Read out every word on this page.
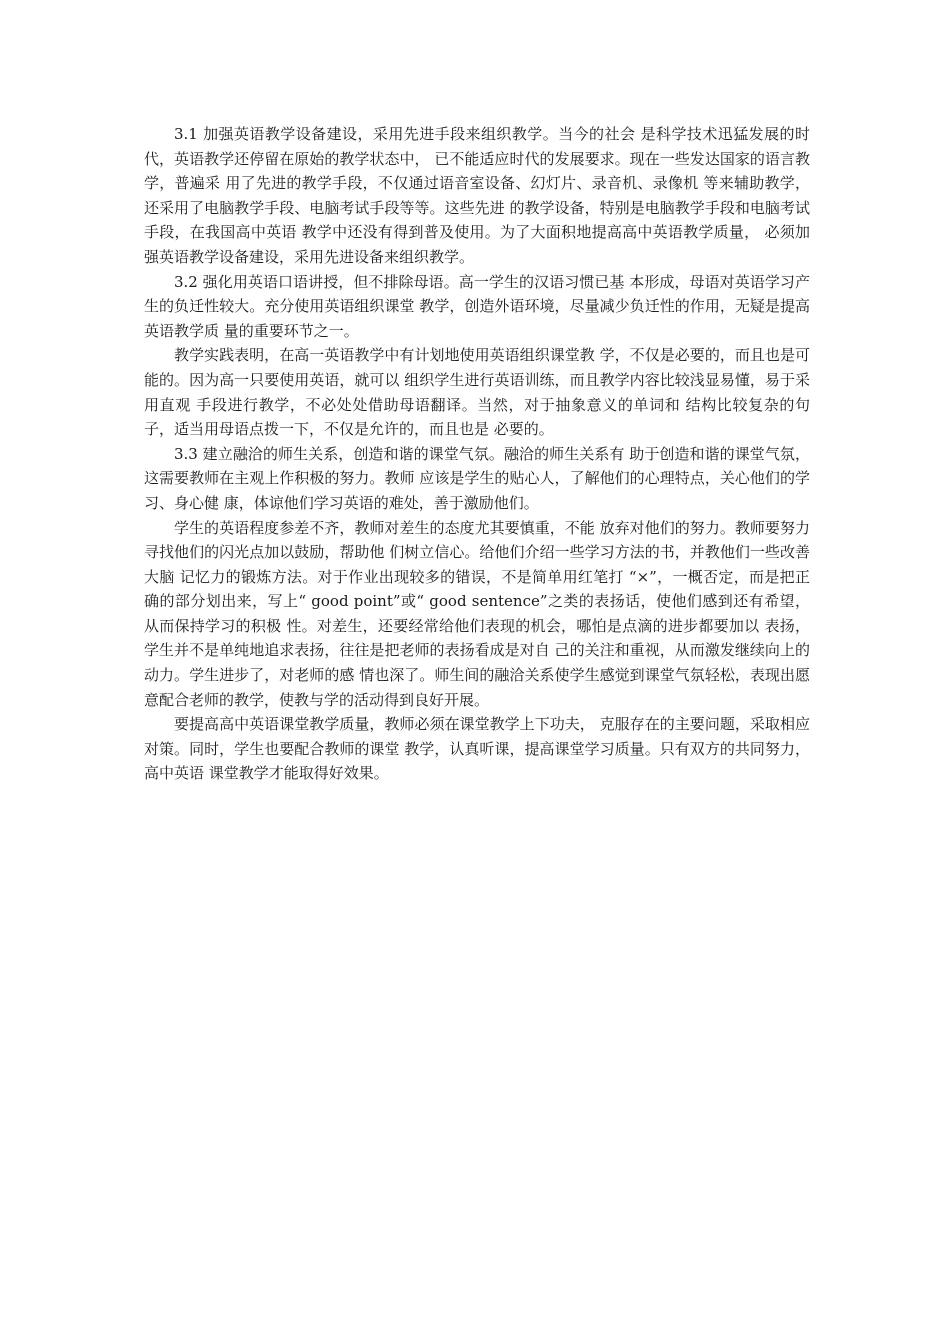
3.1 加强英语教学设备建设，采用先进手段来组织教学。当今的社会 是科学技术迅猛发展的时代，英语教学还停留在原始的教学状态中， 已不能适应时代的发展要求。现在一些发达国家的语言教学，普遍采 用了先进的教学手段，不仅通过语音室设备、幻灯片、录音机、录像机 等来辅助教学，还采用了电脑教学手段、电脑考试手段等等。这些先进 的教学设备，特别是电脑教学手段和电脑考试手段，在我国高中英语 教学中还没有得到普及使用。为了大面积地提高高中英语教学质量， 必须加强英语教学设备建设，采用先进设备来组织教学。

3.2 强化用英语口语讲授，但不排除母语。高一学生的汉语习惯已基 本形成，母语对英语学习产生的负迁性较大。充分使用英语组织课堂 教学，创造外语环境，尽量减少负迁性的作用，无疑是提高英语教学质 量的重要环节之一。

教学实践表明，在高一英语教学中有计划地使用英语组织课堂教 学，不仅是必要的，而且也是可能的。因为高一只要使用英语，就可以 组织学生进行英语训练，而且教学内容比较浅显易懂，易于采用直观 手段进行教学，不必处处借助母语翻译。当然，对于抽象意义的单词和 结构比较复杂的句子，适当用母语点拨一下，不仅是允许的，而且也是 必要的。

3.3 建立融洽的师生关系，创造和谐的课堂气氛。融洽的师生关系有 助于创造和谐的课堂气氛，这需要教师在主观上作积极的努力。教师 应该是学生的贴心人，了解他们的心理特点，关心他们的学习、身心健 康，体谅他们学习英语的难处，善于激励他们。

学生的英语程度参差不齐，教师对差生的态度尤其要慎重，不能 放弃对他们的努力。教师要努力寻找他们的闪光点加以鼓励，帮助他 们树立信心。给他们介绍一些学习方法的书，并教他们一些改善大脑 记忆力的锻炼方法。对于作业出现较多的错误，不是简单用红笔打 “×”，一概否定，而是把正确的部分划出来，写上“ good point”或“ good sentence”之类的表扬话，使他们感到还有希望，从而保持学习的积极 性。对差生，还要经常给他们表现的机会，哪怕是点滴的进步都要加以 表扬，学生并不是单纯地追求表扬，往往是把老师的表扬看成是对自 己的关注和重视，从而激发继续向上的动力。学生进步了，对老师的感 情也深了。师生间的融洽关系使学生感觉到课堂气氛轻松，表现出愿 意配合老师的教学，使教与学的活动得到良好开展。

要提高高中英语课堂教学质量，教师必须在课堂教学上下功夫， 克服存在的主要问题，采取相应对策。同时，学生也要配合教师的课堂 教学，认真听课，提高课堂学习质量。只有双方的共同努力，高中英语 课堂教学才能取得好效果。
